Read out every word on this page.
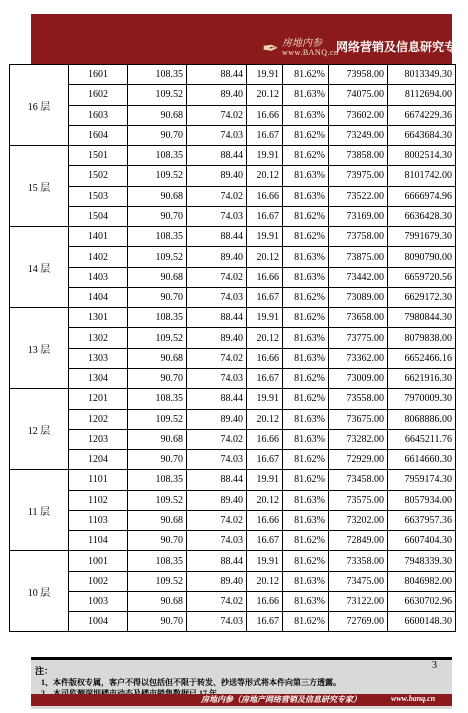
✒ 房地内参
www.BANQ.cn
网络营销及信息研究专家
16 层	1601	108.35	88.44	19.91	81.62%	73958.00	8013349.30
	1602	109.52	89.40	20.12	81.63%	74075.00	8112694.00
	1603	90.68	74.02	16.66	81.63%	73602.00	6674229.36
	1604	90.70	74.03	16.67	81.62%	73249.00	6643684.30
15 层	1501	108.35	88.44	19.91	81.62%	73858.00	8002514.30
	1502	109.52	89.40	20.12	81.63%	73975.00	8101742.00
	1503	90.68	74.02	16.66	81.63%	73522.00	6666974.96
	1504	90.70	74.03	16.67	81.62%	73169.00	6636428.30
14 层	1401	108.35	88.44	19.91	81.62%	73758.00	7991679.30
	1402	109.52	89.40	20.12	81.63%	73875.00	8090790.00
	1403	90.68	74.02	16.66	81.63%	73442.00	6659720.56
	1404	90.70	74.03	16.67	81.62%	73089.00	6629172.30
13 层	1301	108.35	88.44	19.91	81.62%	73658.00	7980844.30
	1302	109.52	89.40	20.12	81.63%	73775.00	8079838.00
	1303	90.68	74.02	16.66	81.63%	73362.00	6652466.16
	1304	90.70	74.03	16.67	81.62%	73009.00	6621916.30
12 层	1201	108.35	88.44	19.91	81.62%	73558.00	7970009.30
	1202	109.52	89.40	20.12	81.63%	73675.00	8068886.00
	1203	90.68	74.02	16.66	81.63%	73282.00	6645211.76
	1204	90.70	74.03	16.67	81.62%	72929.00	6614660.30
11 层	1101	108.35	88.44	19.91	81.62%	73458.00	7959174.30
	1102	109.52	89.40	20.12	81.63%	73575.00	8057934.00
	1103	90.68	74.02	16.66	81.63%	73202.00	6637957.36
	1104	90.70	74.03	16.67	81.62%	72849.00	6607404.30
10 层	1001	108.35	88.44	19.91	81.62%	73358.00	7948339.30
	1002	109.52	89.40	20.12	81.63%	73475.00	8046982.00
	1003	90.68	74.02	16.66	81.63%	73122.00	6630702.96
	1004	90.70	74.03	16.67	81.62%	72769.00	6600148.30
注：
1、本件版权专属，客户不得以包括但不限于转发、抄送等形式将本件向第三方透露。
3
房地内参（房地产网络营销及信息研究专家）	www.banq.cn
